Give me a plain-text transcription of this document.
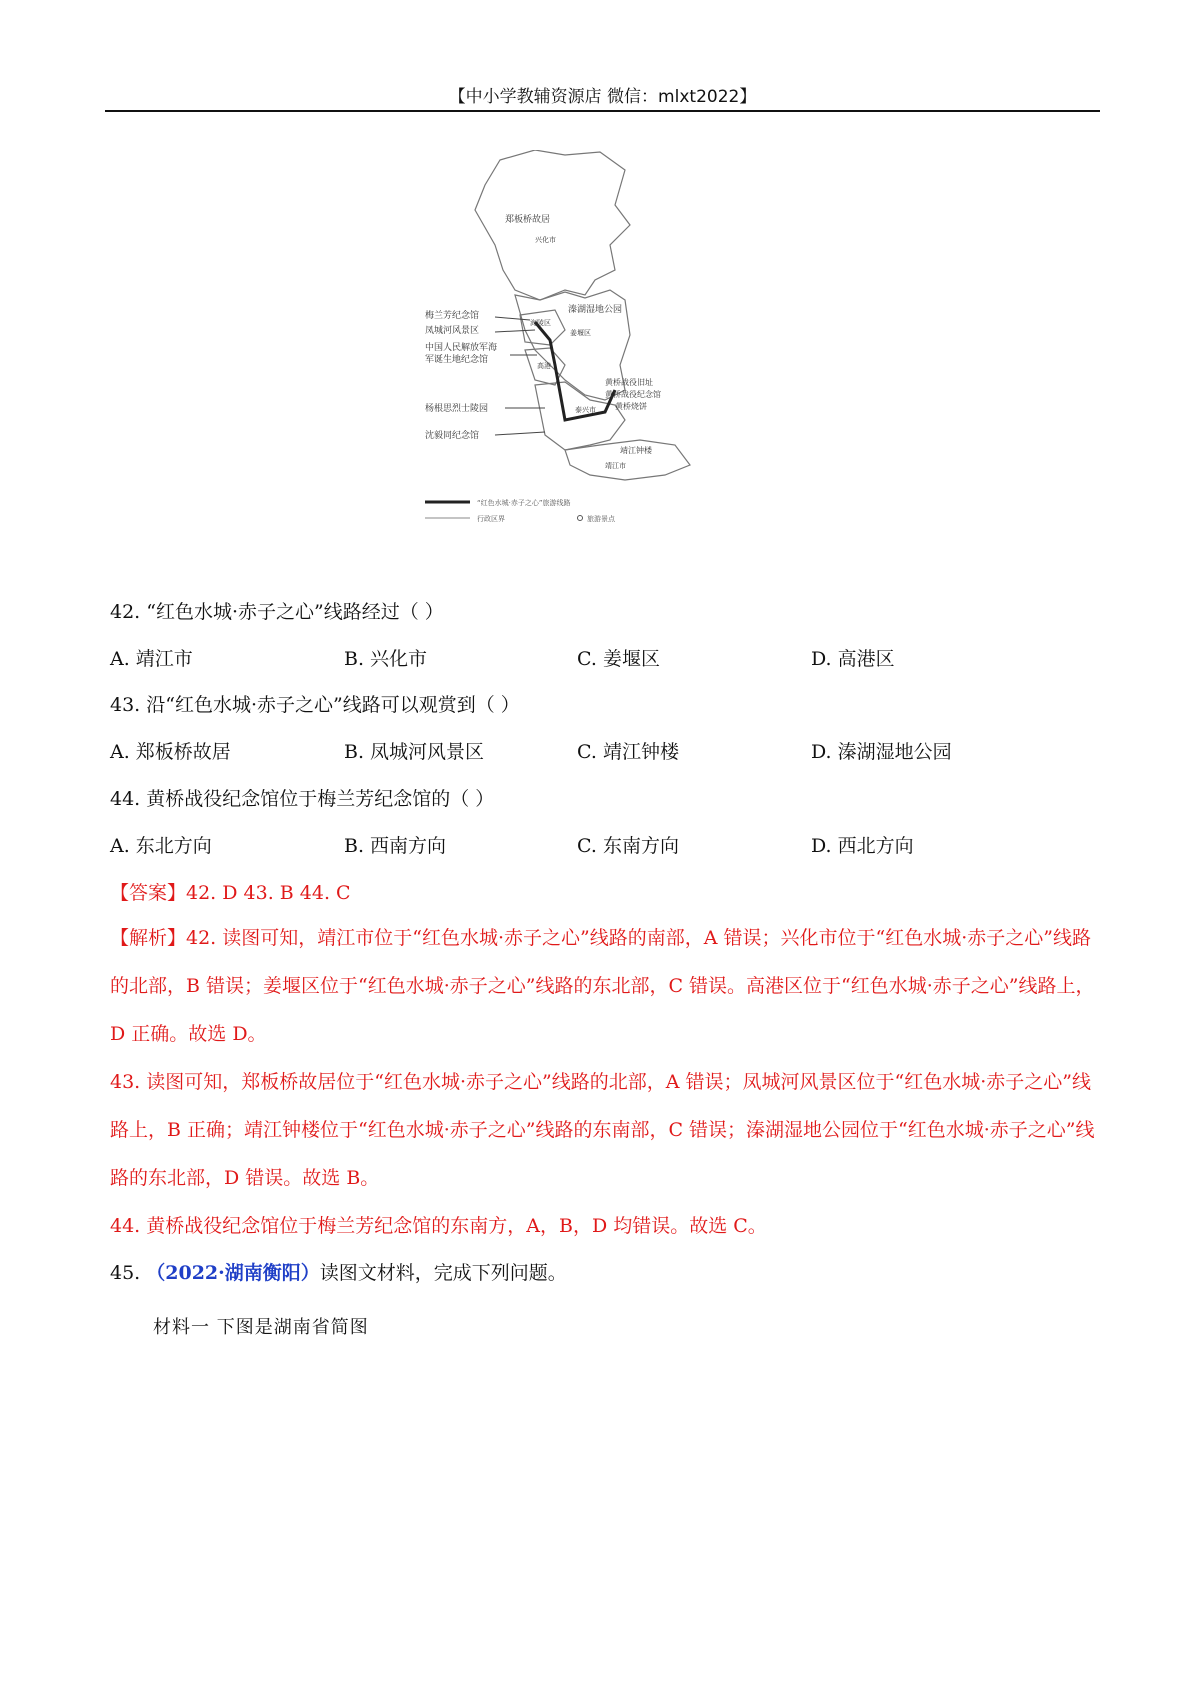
【中小学教辅资源店 微信：mlxt2022】
郑板桥故居
兴化市
溱湖湿地公园
姜堰区
梅兰芳纪念馆
凤城河风景区
中国人民解放军海
军诞生地纪念馆
海陵区
高港
黄桥战役旧址
黄桥战役纪念馆
黄桥烧饼
杨根思烈士陵园
沈毅同纪念馆
泰兴市
靖江钟楼
靖江市
“红色水城·赤子之心”旅游线路
行政区界	旅游景点
42. “红色水城·赤子之心”线路经过（ ）
A. 靖江市	B. 兴化市	C. 姜堰区	D. 高港区
43. 沿“红色水城·赤子之心”线路可以观赏到（ ）
A. 郑板桥故居	B. 凤城河风景区	C. 靖江钟楼	D. 溱湖湿地公园
44. 黄桥战役纪念馆位于梅兰芳纪念馆的（ ）
A. 东北方向	B. 西南方向	C. 东南方向	D. 西北方向
【答案】42. D 43. B 44. C
【解析】42. 读图可知，靖江市位于“红色水城·赤子之心”线路的南部，A 错误；兴化市位于“红色水城·赤子之心”线路的北部，B 错误；姜堰区位于“红色水城·赤子之心”线路的东北部，C 错误。高港区位于“红色水城·赤子之心”线路上，D 正确。故选 D。
43. 读图可知，郑板桥故居位于“红色水城·赤子之心”线路的北部，A 错误；凤城河风景区位于“红色水城·赤子之心”线路上，B 正确；靖江钟楼位于“红色水城·赤子之心”线路的东南部，C 错误；溱湖湿地公园位于“红色水城·赤子之心”线路的东北部，D 错误。故选 B。
44. 黄桥战役纪念馆位于梅兰芳纪念馆的东南方，A，B，D 均错误。故选 C。
45. （2022·湖南衡阳）读图文材料，完成下列问题。
材料一 下图是湖南省简图
